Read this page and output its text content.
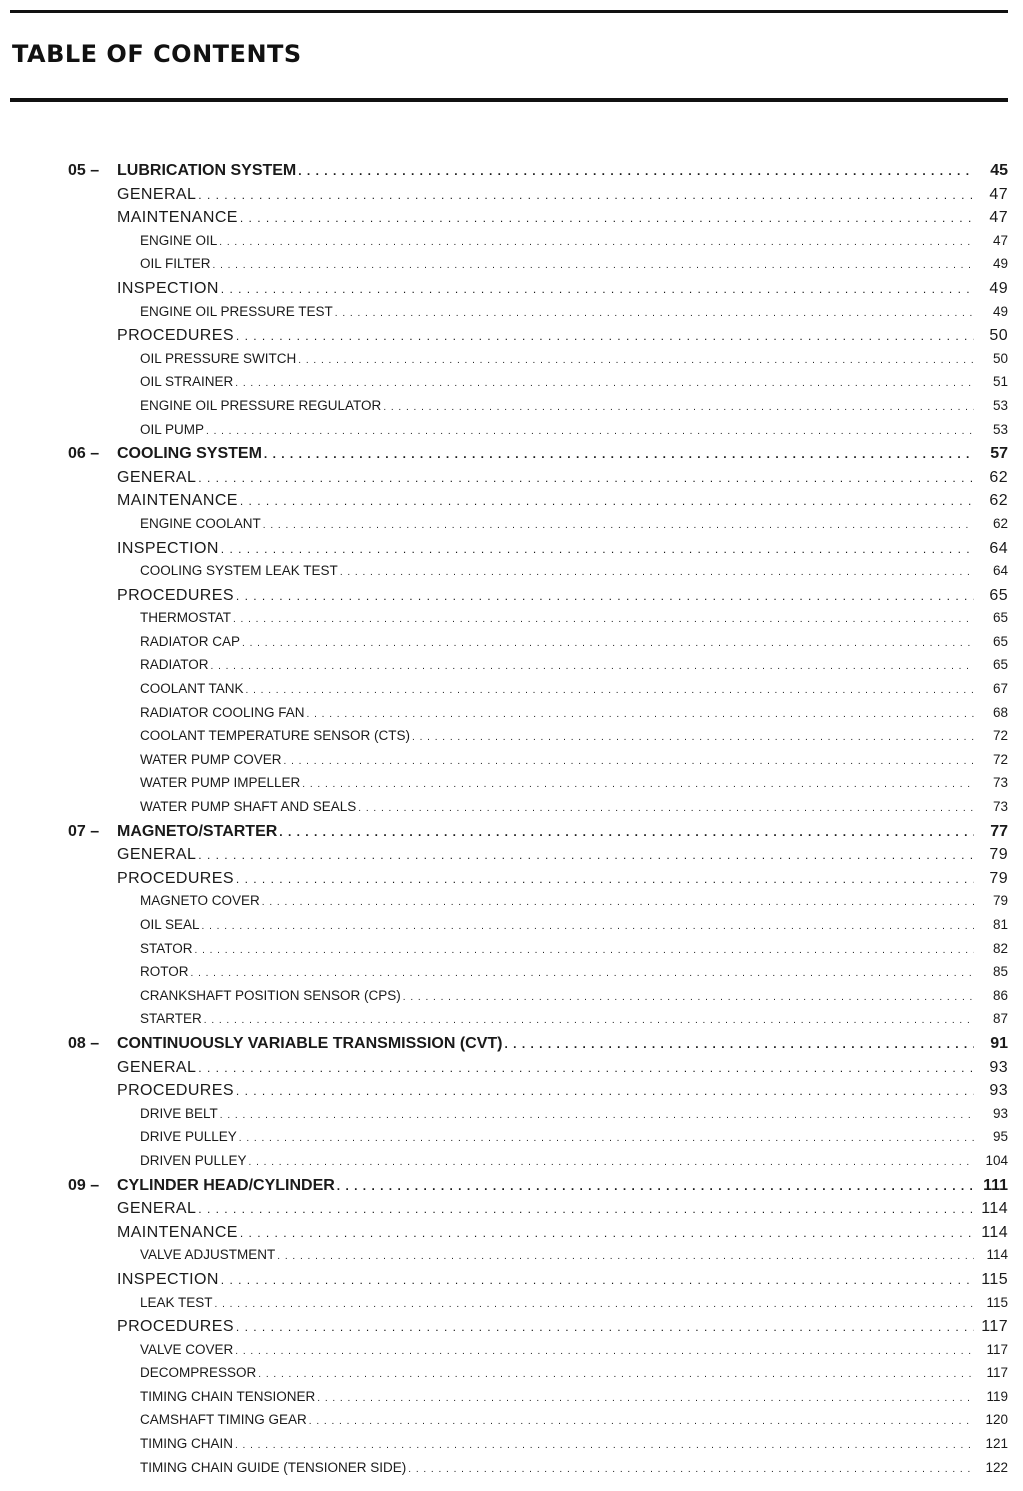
TABLE OF CONTENTS
05 – LUBRICATION SYSTEM . . .	45
GENERAL . . .	47
MAINTENANCE . . .	47
ENGINE OIL . . .	47
OIL FILTER . . .	49
INSPECTION . . .	49
ENGINE OIL PRESSURE TEST . . .	49
PROCEDURES . . .	50
OIL PRESSURE SWITCH . . .	50
OIL STRAINER . . .	51
ENGINE OIL PRESSURE REGULATOR . . .	53
OIL PUMP . . .	53
06 – COOLING SYSTEM . . .	57
GENERAL . . .	62
MAINTENANCE . . .	62
ENGINE COOLANT . . .	62
INSPECTION . . .	64
COOLING SYSTEM LEAK TEST . . .	64
PROCEDURES . . .	65
THERMOSTAT . . .	65
RADIATOR CAP . . .	65
RADIATOR . . .	65
COOLANT TANK . . .	67
RADIATOR COOLING FAN . . .	68
COOLANT TEMPERATURE SENSOR (CTS) . . .	72
WATER PUMP COVER . . .	72
WATER PUMP IMPELLER . . .	73
WATER PUMP SHAFT AND SEALS . . .	73
07 – MAGNETO/STARTER . . .	77
GENERAL . . .	79
PROCEDURES . . .	79
MAGNETO COVER . . .	79
OIL SEAL . . .	81
STATOR . . .	82
ROTOR . . .	85
CRANKSHAFT POSITION SENSOR (CPS) . . .	86
STARTER . . .	87
08 – CONTINUOUSLY VARIABLE TRANSMISSION (CVT) . . .	91
GENERAL . . .	93
PROCEDURES . . .	93
DRIVE BELT . . .	93
DRIVE PULLEY . . .	95
DRIVEN PULLEY . . .	104
09 – CYLINDER HEAD/CYLINDER . . .	111
GENERAL . . .	114
MAINTENANCE . . .	114
VALVE ADJUSTMENT . . .	114
INSPECTION . . .	115
LEAK TEST . . .	115
PROCEDURES . . .	117
VALVE COVER . . .	117
DECOMPRESSOR . . .	117
TIMING CHAIN TENSIONER . . .	119
CAMSHAFT TIMING GEAR . . .	120
TIMING CHAIN . . .	121
TIMING CHAIN GUIDE (TENSIONER SIDE) . . .	122
